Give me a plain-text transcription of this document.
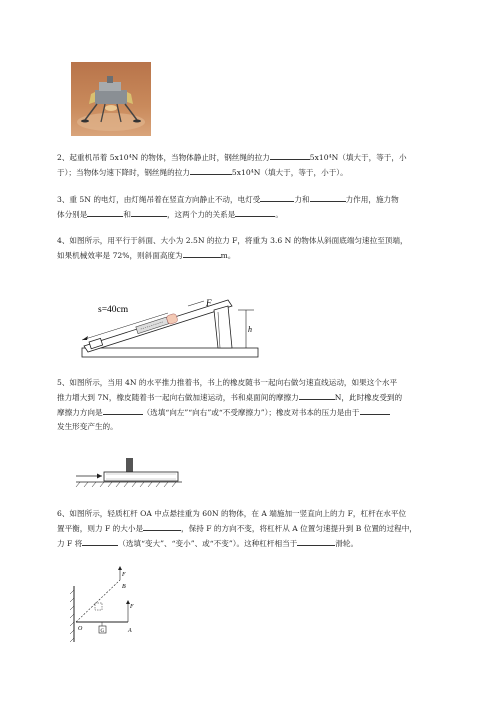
2、起重机吊着 5x10⁴N 的物体，当物体静止时，钢丝绳的拉力	5x10⁴N（填大于，等于，小
于）；当物体匀速下降时，钢丝绳的拉力	5x10⁴N（填大于，等于，小于）。
3、重 5N 的电灯，由灯绳吊着在竖直方向静止不动，电灯受	力和	力作用，施力物
体分别是	和	，这两个力的关系是	。
4、如图所示，用平行于斜面、大小为 2.5N 的拉力 F，将重为 3.6 N 的物体从斜面底端匀速拉至顶端，
如果机械效率是 72%，则斜面高度为	m。
h
s=40cm
F
5、如图所示，当用 4N 的水平推力推着书，书上的橡皮随书一起向右做匀速直线运动，如果这个水平
推力增大到 7N，橡皮随着书一起向右做加速运动，书和桌面间的摩擦力	N，此时橡皮受到的
摩擦力方向是	（选填“向左”“向右”或“不受摩擦力”）；橡皮对书本的压力是由于
发生形变产生的。
6、如图所示，轻质杠杆 OA 中点悬挂重为 60N 的物体，在 A 端施加一竖直向上的力 F，杠杆在水平位
置平衡，则力 F 的大小是	，保持 F 的方向不变，将杠杆从 A 位置匀速提升到 B 位置的过程中，
力 F 将	（选填“变大”、“变小”、或“不变”）。这种杠杆相当于	滑轮。
F
B
F
O	G	A
